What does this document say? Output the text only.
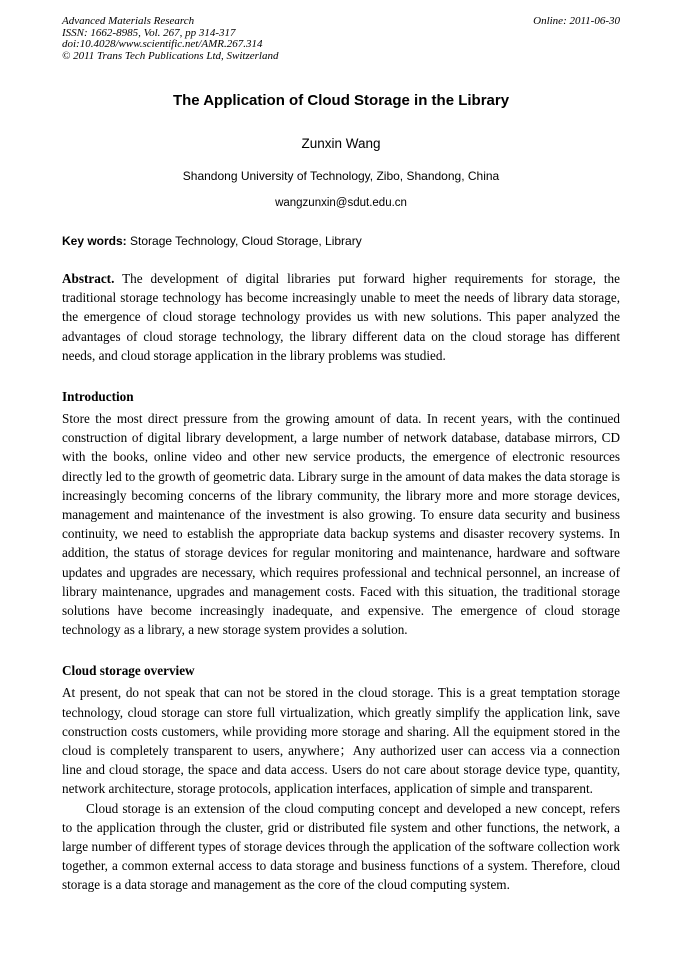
Advanced Materials Research
ISSN: 1662-8985, Vol. 267, pp 314-317
doi:10.4028/www.scientific.net/AMR.267.314
© 2011 Trans Tech Publications Ltd, Switzerland
Online: 2011-06-30
The Application of Cloud Storage in the Library
Zunxin Wang
Shandong University of Technology, Zibo, Shandong, China
wangzunxin@sdut.edu.cn
Key words: Storage Technology, Cloud Storage, Library
Abstract. The development of digital libraries put forward higher requirements for storage, the traditional storage technology has become increasingly unable to meet the needs of library data storage, the emergence of cloud storage technology provides us with new solutions. This paper analyzed the advantages of cloud storage technology, the library different data on the cloud storage has different needs, and cloud storage application in the library problems was studied.
Introduction

Store the most direct pressure from the growing amount of data. In recent years, with the continued construction of digital library development, a large number of network database, database mirrors, CD with the books, online video and other new service products, the emergence of electronic resources directly led to the growth of geometric data. Library surge in the amount of data makes the data storage is increasingly becoming concerns of the library community, the library more and more storage devices, management and maintenance of the investment is also growing. To ensure data security and business continuity, we need to establish the appropriate data backup systems and disaster recovery systems. In addition, the status of storage devices for regular monitoring and maintenance, hardware and software updates and upgrades are necessary, which requires professional and technical personnel, an increase of library maintenance, upgrades and management costs. Faced with this situation, the traditional storage solutions have become increasingly inadequate, and expensive. The emergence of cloud storage technology as a library, a new storage system provides a solution.

Cloud storage overview

At present, do not speak that can not be stored in the cloud storage. This is a great temptation storage technology, cloud storage can store full virtualization, which greatly simplify the application link, save construction costs customers, while providing more storage and sharing. All the equipment stored in the cloud is completely transparent to users, anywhere；Any authorized user can access via a connection line and cloud storage, the space and data access. Users do not care about storage device type, quantity, network architecture, storage protocols, application interfaces, application of simple and transparent.

Cloud storage is an extension of the cloud computing concept and developed a new concept, refers to the application through the cluster, grid or distributed file system and other functions, the network, a large number of different types of storage devices through the application of the software collection work together, a common external access to data storage and business functions of a system. Therefore, cloud storage is a data storage and management as the core of the cloud computing system.
